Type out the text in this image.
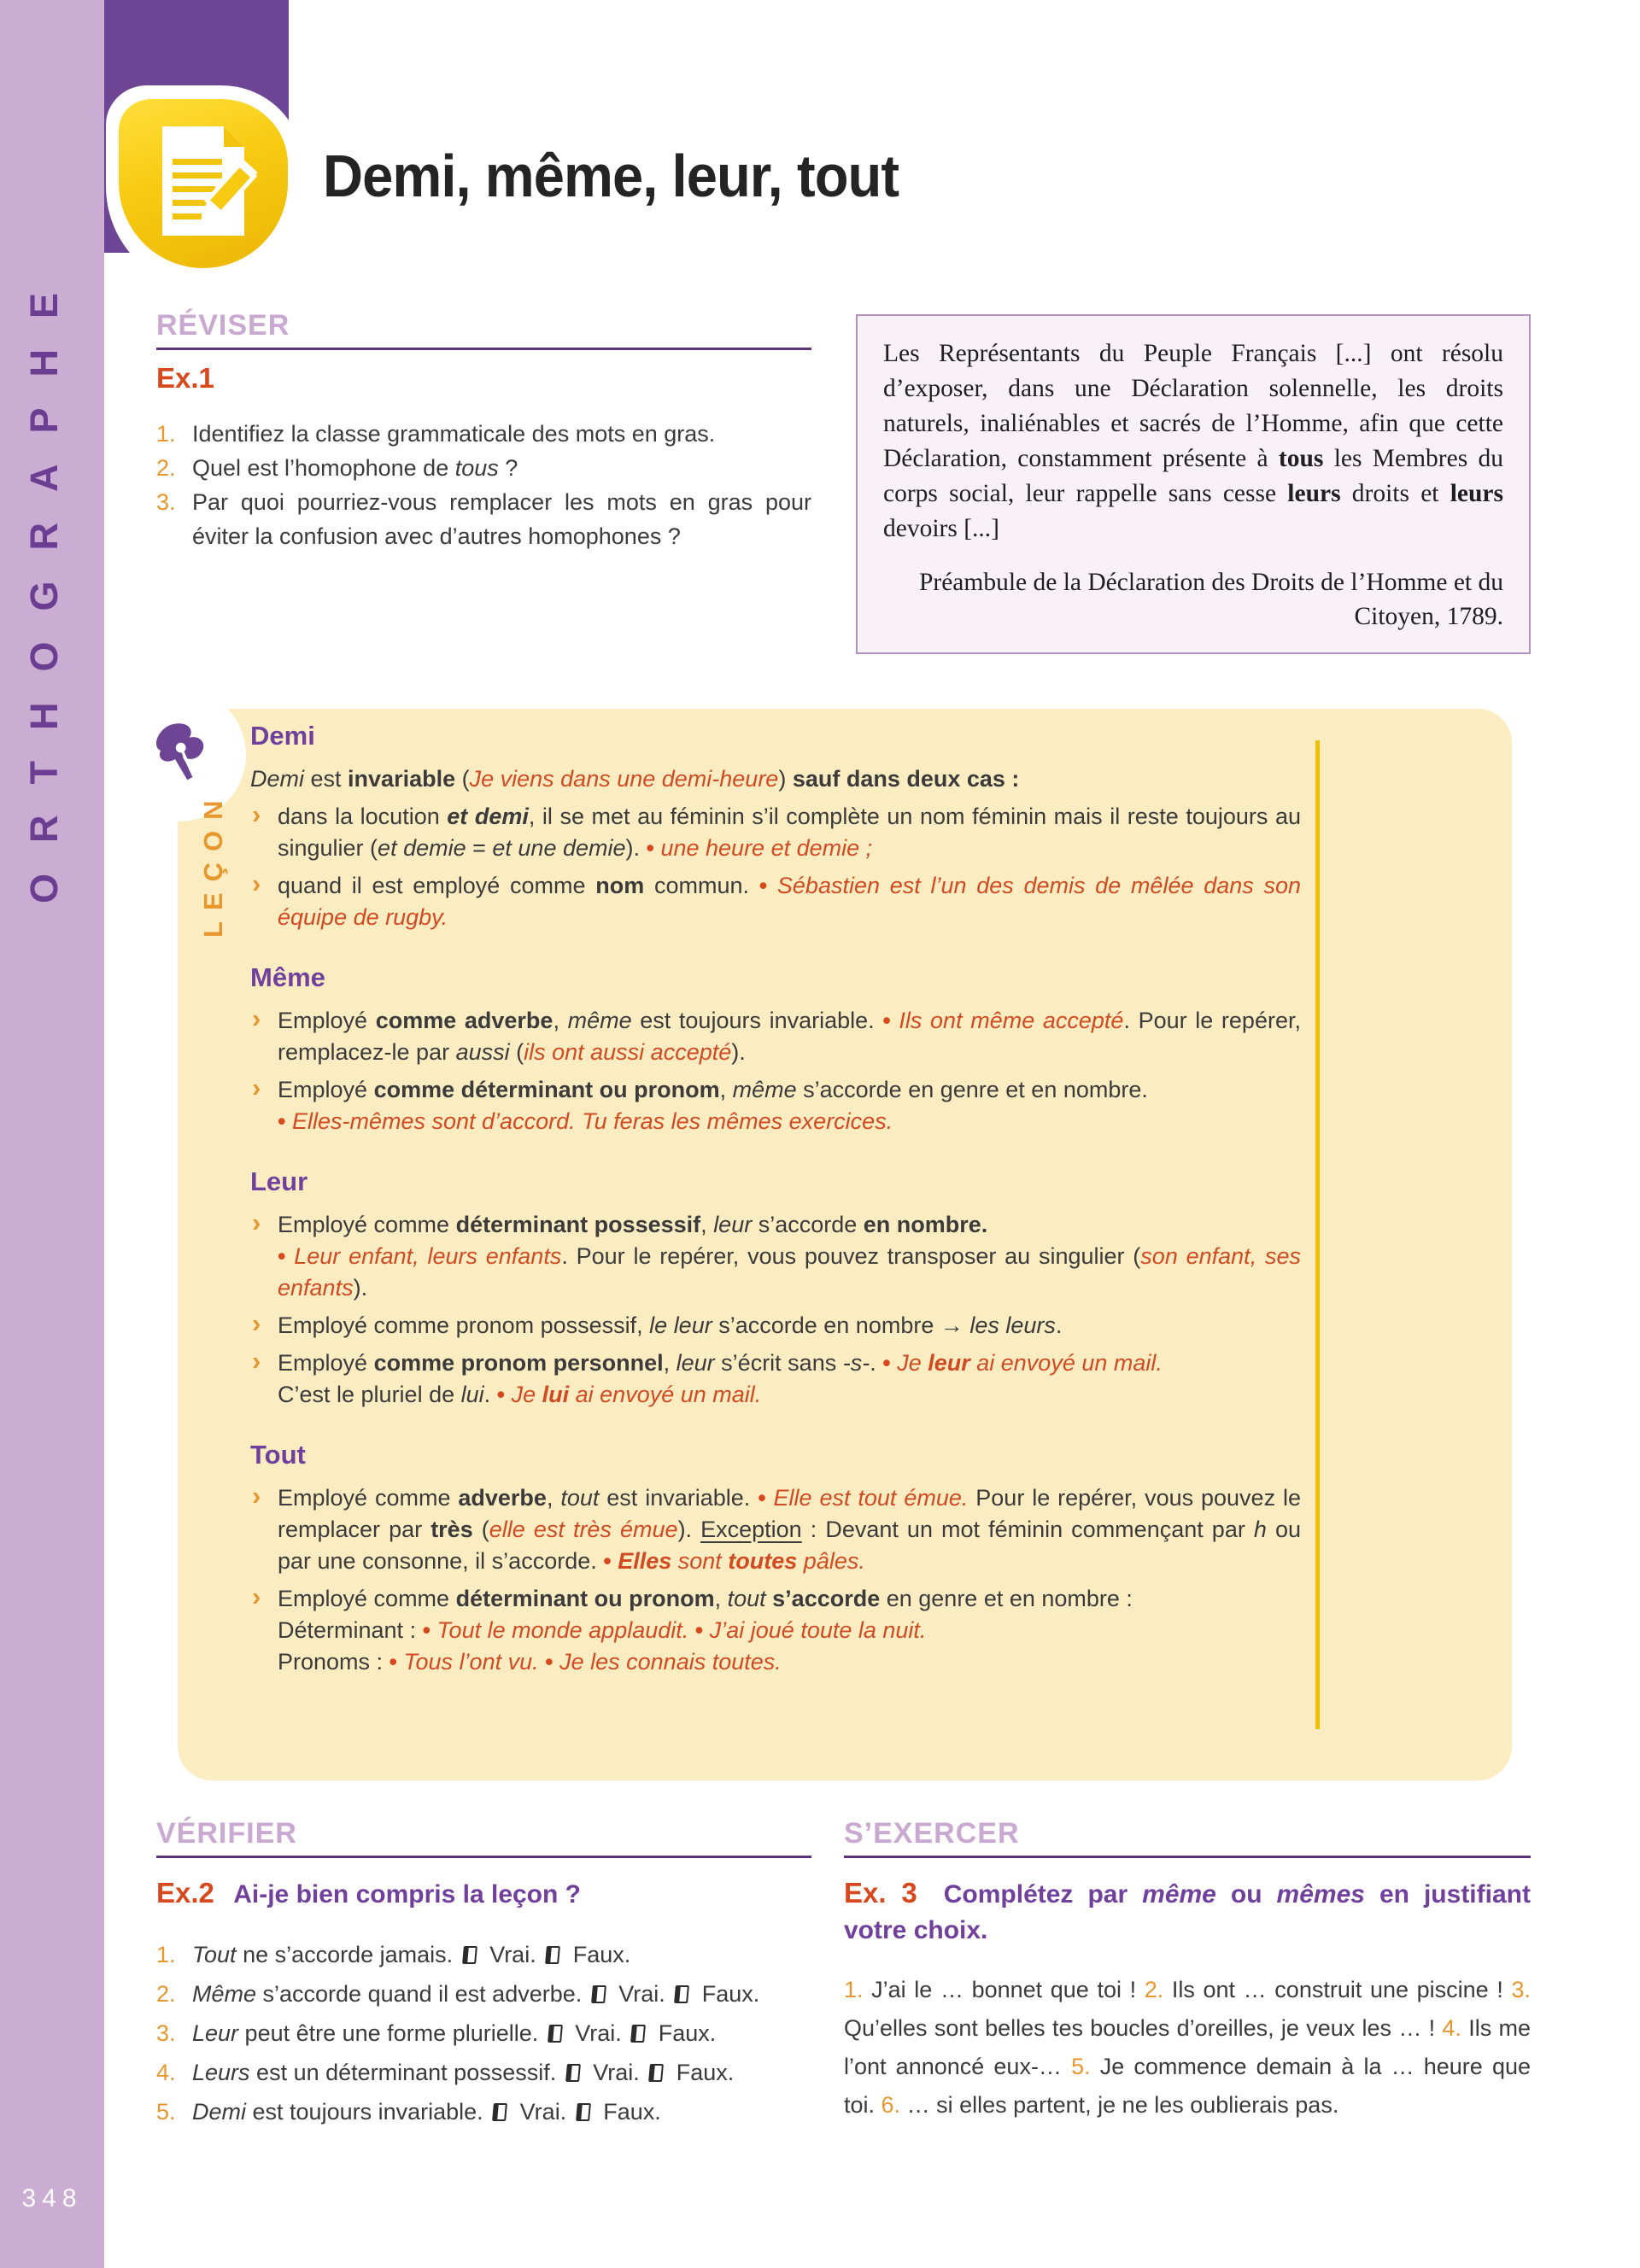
ORTHOGRAPHE
348
Demi, même, leur, tout
RÉVISER
Ex.1
1. Identifiez la classe grammaticale des mots en gras.
2. Quel est l’homophone de tous ?
3. Par quoi pourriez-vous remplacer les mots en gras pour éviter la confusion avec d’autres homophones ?

Les Représentants du Peuple Français [...] ont résolu d’exposer, dans une Déclaration solennelle, les droits naturels, inaliénables et sacrés de l’Homme, afin que cette Déclaration, constamment présente à tous les Membres du corps social, leur rappelle sans cesse leurs droits et leurs devoirs [...]

Préambule de la Déclaration des Droits de l’Homme et du Citoyen, 1789.

LEÇON
Demi

Demi est invariable (Je viens dans une demi-heure) sauf dans deux cas :

› dans la locution et demi, il se met au féminin s’il complète un nom féminin mais il reste toujours au singulier (et demie = et une demie). • une heure et demie ;
› quand il est employé comme nom commun. • Sébastien est l’un des demis de mêlée dans son équipe de rugby.
Même
› Employé comme adverbe, même est toujours invariable. • Ils ont même accepté. Pour le repérer, remplacez-le par aussi (ils ont aussi accepté).
› Employé comme déterminant ou pronom, même s’accorde en genre et en nombre.
• Elles-mêmes sont d’accord. Tu feras les mêmes exercices.
Leur
› Employé comme déterminant possessif, leur s’accorde en nombre.
• Leur enfant, leurs enfants. Pour le repérer, vous pouvez transposer au singulier (son enfant, ses enfants).
› Employé comme pronom possessif, le leur s’accorde en nombre → les leurs.
› Employé comme pronom personnel, leur s’écrit sans -s-. • Je leur ai envoyé un mail.
C’est le pluriel de lui. • Je lui ai envoyé un mail.
Tout
› Employé comme adverbe, tout est invariable. • Elle est tout émue. Pour le repérer, vous pouvez le remplacer par très (elle est très émue). Exception : Devant un mot féminin commençant par h ou par une consonne, il s’accorde. • Elles sont toutes pâles.
› Employé comme déterminant ou pronom, tout s’accorde en genre et en nombre :
Déterminant : • Tout le monde applaudit. • J’ai joué toute la nuit.
Pronoms : • Tous l’ont vu. • Je les connais toutes.
VÉRIFIER
Ex.2 Ai-je bien compris la leçon ?
1. Tout ne s’accorde jamais.  Vrai.  Faux.
2. Même s’accorde quand il est adverbe.  Vrai.  Faux.
3. Leur peut être une forme plurielle.  Vrai.  Faux.
4. Leurs est un déterminant possessif.  Vrai.  Faux.
5. Demi est toujours invariable.  Vrai.  Faux.
S’EXERCER
Ex. 3 Complétez par même ou mêmes en justifiant votre choix.

1. J’ai le … bonnet que toi ! 2. Ils ont … construit une piscine ! 3. Qu’elles sont belles tes boucles d’oreilles, je veux les … ! 4. Ils me l’ont annoncé eux-… 5. Je commence demain à la … heure que toi. 6. … si elles partent, je ne les oublierais pas.
